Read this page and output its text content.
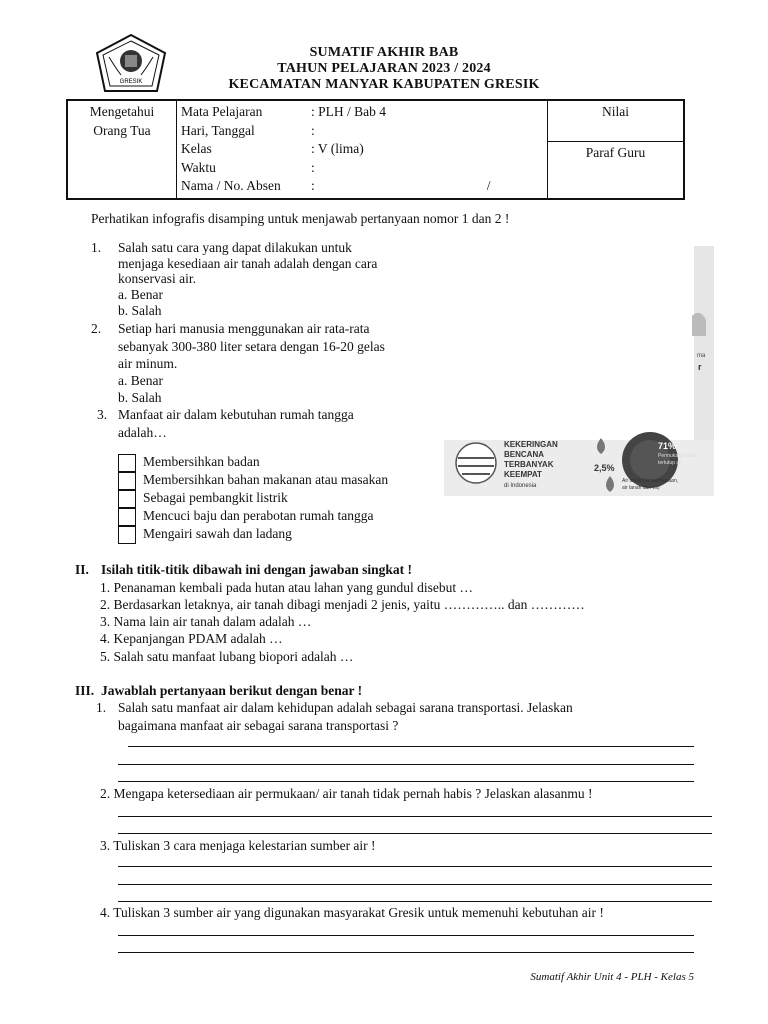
GRESIK
SUMATIF AKHIR BAB
TAHUN PELAJARAN 2023 / 2024
KECAMATAN MANYAR KABUPATEN GRESIK
Mengetahui
Orang Tua

Mata Pelajaran	: PLH / Bab 4
Hari, Tanggal	:
Kelas	: V (lima)
Waktu	:
Nama / No. Absen :	/
	Nilai
Paraf Guru
Perhatikan infografis disamping untuk menjawab pertanyaan nomor 1 dan 2 !
ma
r
KEKERINGAN
BENCANA
TERBANYAK
KEEMPAT
di Indonesia
71%
Permukaan bumi
tertutup air
2,5%
Air tawar (air permukaan,
air tanah dan es)
1. Salah satu cara yang dapat dilakukan untuk
menjaga kesediaan air tanah adalah dengan cara
konservasi air.
a. Benar
b. Salah
2. Setiap hari manusia menggunakan air rata-rata
sebanyak 300-380 liter setara dengan 16-20 gelas
air minum.
a. Benar
b. Salah
3. Manfaat air dalam kebutuhan rumah tangga
adalah…
Membersihkan badan
Membersihkan bahan makanan atau masakan
Sebagai pembangkit listrik
Mencuci baju dan perabotan rumah tangga
Mengairi sawah dan ladang
II. Isilah titik-titik dibawah ini dengan jawaban singkat !
1. Penanaman kembali pada hutan atau lahan yang gundul disebut …
2. Berdasarkan letaknya, air tanah dibagi menjadi 2 jenis, yaitu ………….. dan …………
3. Nama lain air tanah dalam adalah …
4. Kepanjangan PDAM adalah …
5. Salah satu manfaat lubang biopori adalah …
III. Jawablah pertanyaan berikut dengan benar !
1. Salah satu manfaat air dalam kehidupan adalah sebagai sarana transportasi. Jelaskan
bagaimana manfaat air sebagai sarana transportasi ?
2. Mengapa ketersediaan air permukaan/ air tanah tidak pernah habis ? Jelaskan alasanmu !
3. Tuliskan 3 cara menjaga kelestarian sumber air !
4. Tuliskan 3 sumber air yang digunakan masyarakat Gresik untuk memenuhi kebutuhan air !
Sumatif Akhir Unit 4 - PLH - Kelas 5
